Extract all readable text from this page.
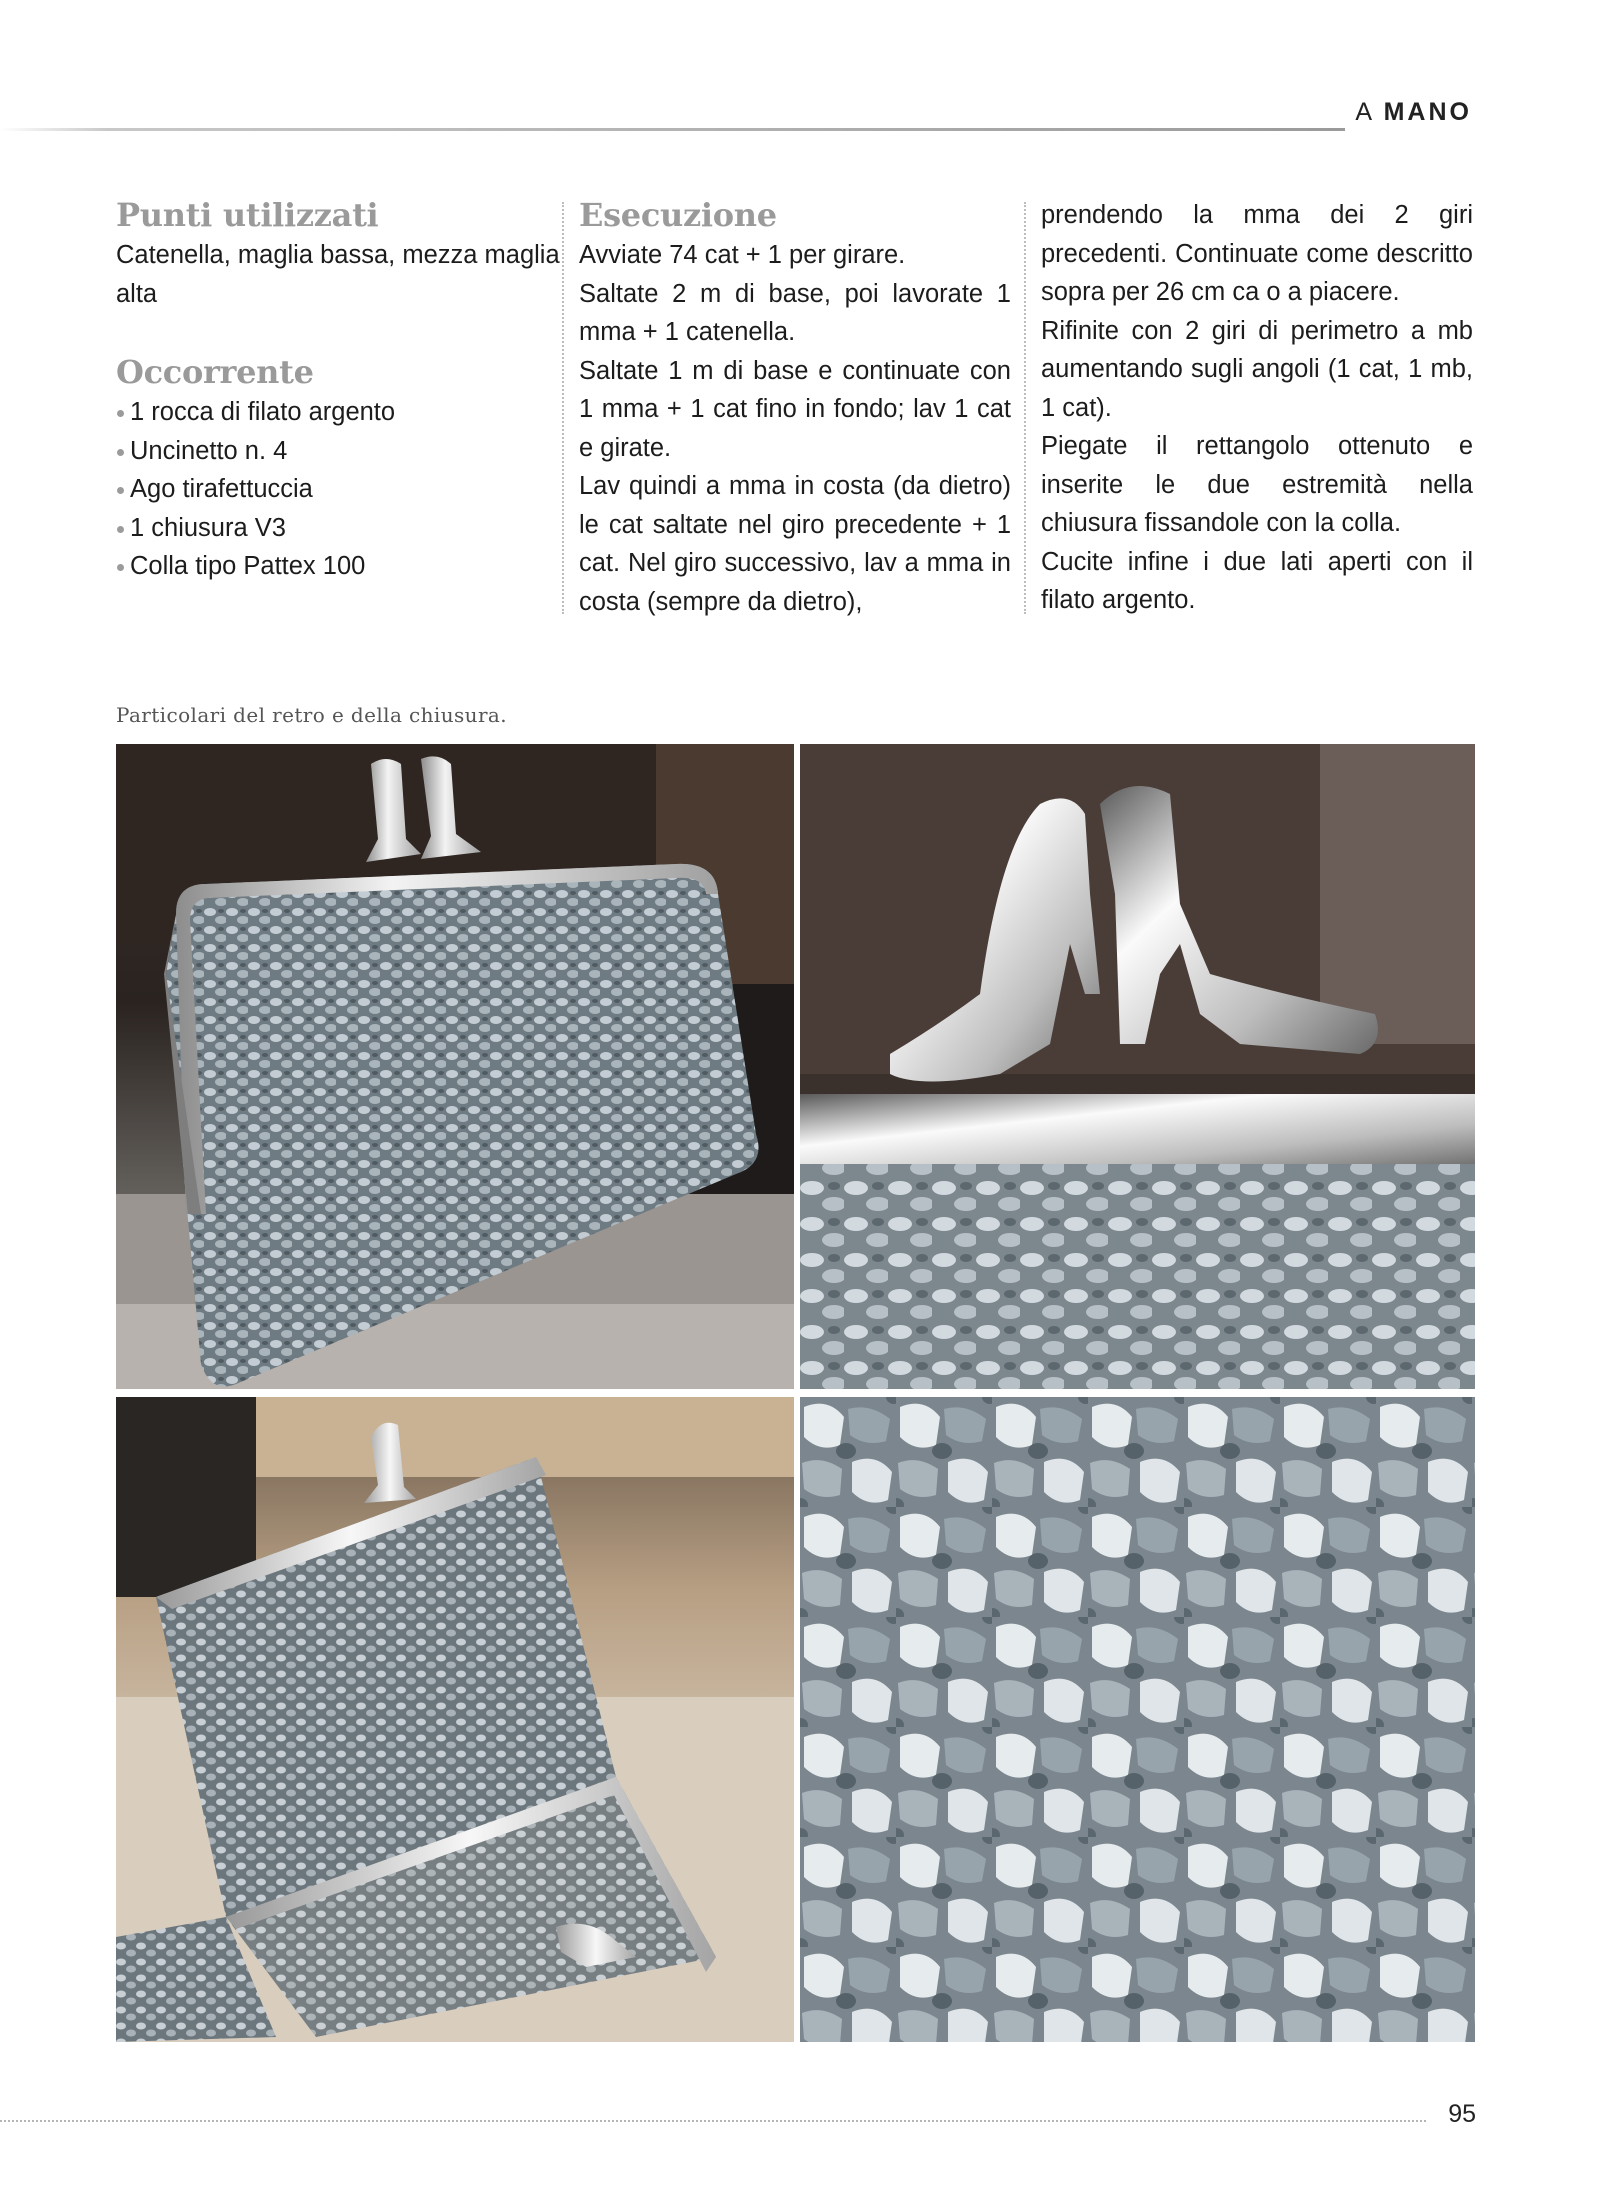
A MANO
Punti utilizzati

Catenella, maglia bassa, mezza maglia alta

Occorrente
1 rocca di filato argento
Uncinetto n. 4
Ago tirafettuccia
1 chiusura V3
Colla tipo Pattex 100
Esecuzione

Avviate 74 cat + 1 per girare.

Saltate 2 m di base, poi lavorate 1 mma + 1 catenella.

Saltate 1 m di base e continuate con 1 mma + 1 cat fino in fondo; lav 1 cat e girate.

Lav quindi a mma in costa (da dietro) le cat saltate nel giro precedente + 1 cat. Nel giro successivo, lav a mma in costa (sempre da dietro),

prendendo la mma dei 2 giri precedenti. Continuate come descritto sopra per 26 cm ca o a piacere.

Rifinite con 2 giri di perimetro a mb aumentando sugli angoli (1 cat, 1 mb, 1 cat).

Piegate il rettangolo ottenuto e inserite le due estremità nella chiusura fissandole con la colla.

Cucite infine i due lati aperti con il filato argento.

Particolari del retro e della chiusura.
95
